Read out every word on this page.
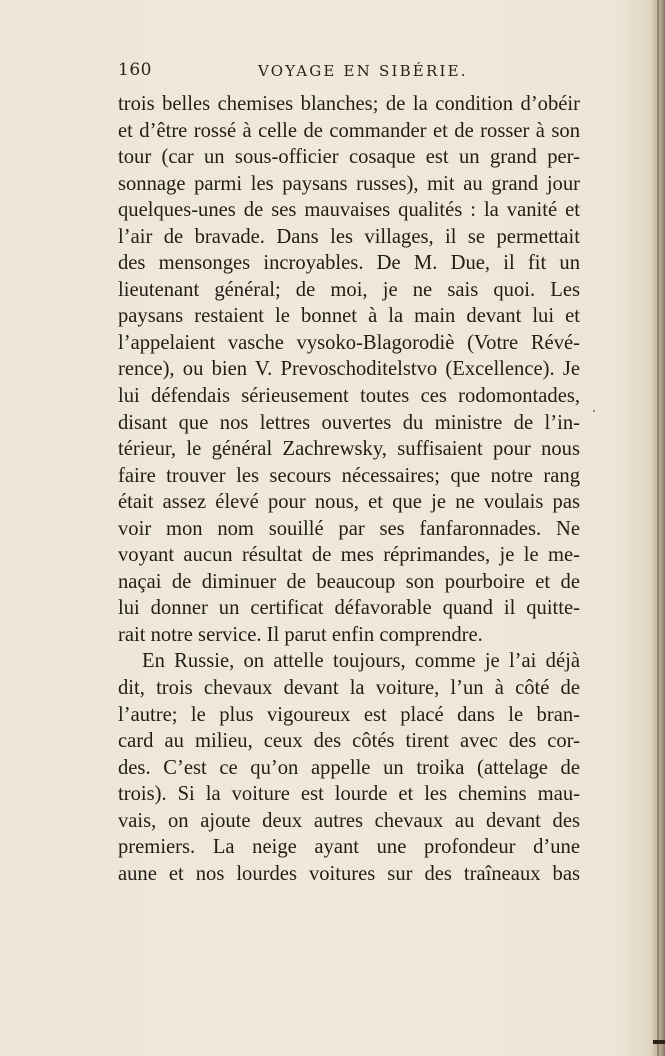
160	VOYAGE EN SIBÉRIE.
trois belles chemises blanches; de la condition d’obéir
et d’être rossé à celle de commander et de rosser à son
tour (car un sous-officier cosaque est un grand per-
sonnage parmi les paysans russes), mit au grand jour
quelques-unes de ses mauvaises qualités : la vanité et
l’air de bravade. Dans les villages, il se permettait
des mensonges incroyables. De M. Due, il fit un
lieutenant général; de moi, je ne sais quoi. Les
paysans restaient le bonnet à la main devant lui et
l’appelaient vasche vysoko-Blagorodiè (Votre Révé-
rence), ou bien V. Prevoschoditelstvo (Excellence). Je
lui défendais sérieusement toutes ces rodomontades,
disant que nos lettres ouvertes du ministre de l’in-
térieur, le général Zachrewsky, suffisaient pour nous
faire trouver les secours nécessaires; que notre rang
était assez élevé pour nous, et que je ne voulais pas
voir mon nom souillé par ses fanfaronnades. Ne
voyant aucun résultat de mes réprimandes, je le me-
naçai de diminuer de beaucoup son pourboire et de
lui donner un certificat défavorable quand il quitte-
rait notre service. Il parut enfin comprendre.
En Russie, on attelle toujours, comme je l’ai déjà
dit, trois chevaux devant la voiture, l’un à côté de
l’autre; le plus vigoureux est placé dans le bran-
card au milieu, ceux des côtés tirent avec des cor-
des. C’est ce qu’on appelle un troika (attelage de
trois). Si la voiture est lourde et les chemins mau-
vais, on ajoute deux autres chevaux au devant des
premiers. La neige ayant une profondeur d’une
aune et nos lourdes voitures sur des traîneaux bas
